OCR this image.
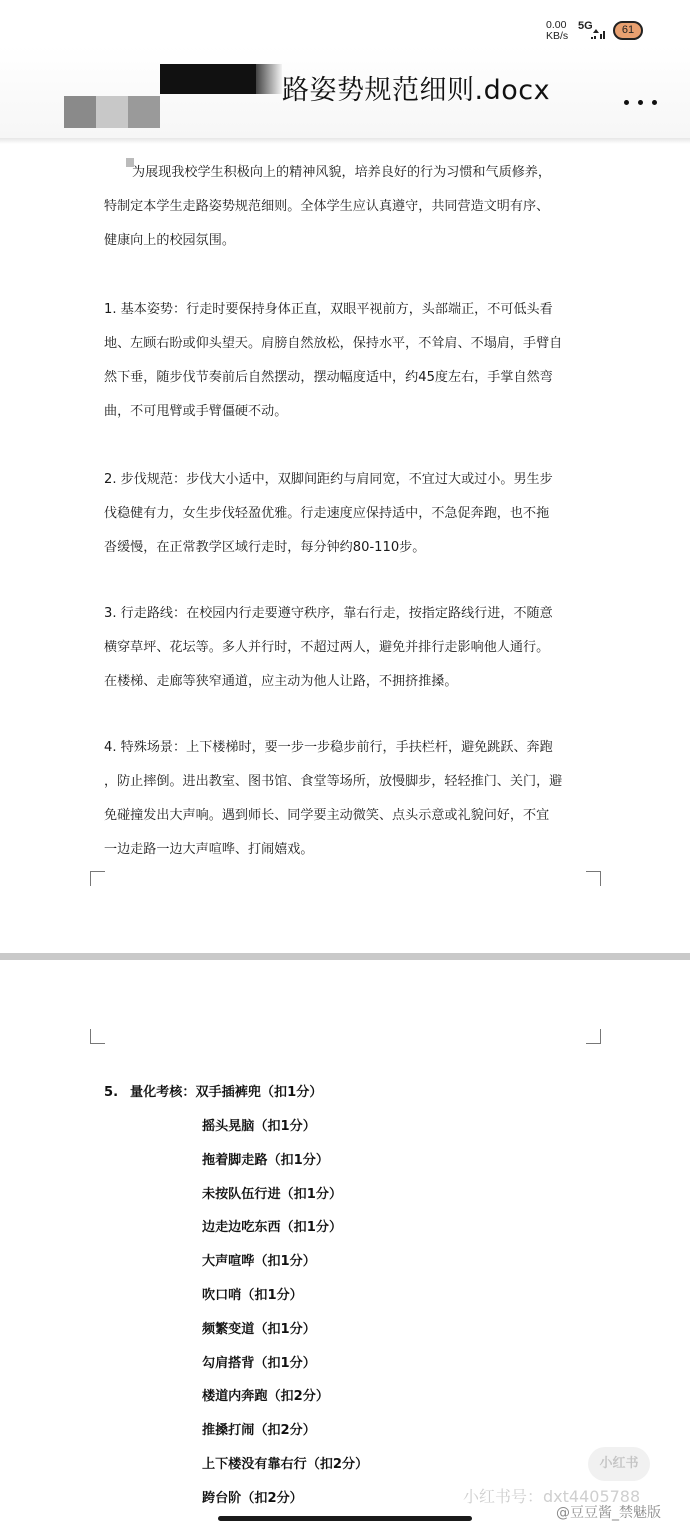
0.00
KB/s
5G	61
路姿势规范细则.docx
为展现我校学生积极向上的精神风貌，培养良好的行为习惯和气质修养，
特制定本学生走路姿势规范细则。全体学生应认真遵守，共同营造文明有序、
健康向上的校园氛围。
1. 基本姿势：行走时要保持身体正直，双眼平视前方，头部端正，不可低头看
地、左顾右盼或仰头望天。肩膀自然放松，保持水平，不耸肩、不塌肩，手臂自
然下垂，随步伐节奏前后自然摆动，摆动幅度适中，约45度左右，手掌自然弯
曲，不可甩臂或手臂僵硬不动。
2. 步伐规范：步伐大小适中，双脚间距约与肩同宽，不宜过大或过小。男生步
伐稳健有力，女生步伐轻盈优雅。行走速度应保持适中，不急促奔跑，也不拖
沓缓慢，在正常教学区域行走时，每分钟约80-110步。
3. 行走路线：在校园内行走要遵守秩序，靠右行走，按指定路线行进，不随意
横穿草坪、花坛等。多人并行时，不超过两人，避免并排行走影响他人通行。
在楼梯、走廊等狭窄通道，应主动为他人让路，不拥挤推搡。
4. 特殊场景：上下楼梯时，要一步一步稳步前行，手扶栏杆，避免跳跃、奔跑
，防止摔倒。进出教室、图书馆、食堂等场所，放慢脚步，轻轻推门、关门，避
免碰撞发出大声响。遇到师长、同学要主动微笑、点头示意或礼貌问好，不宜
一边走路一边大声喧哗、打闹嬉戏。
5. 量化考核：双手插裤兜（扣1分）
摇头晃脑（扣1分）
拖着脚走路（扣1分）
未按队伍行进（扣1分）
边走边吃东西（扣1分）
大声喧哗（扣1分）
吹口哨（扣1分）
频繁变道（扣1分）
勾肩搭背（扣1分）
楼道内奔跑（扣2分）
推搡打闹（扣2分）
上下楼没有靠右行（扣2分）
跨台阶（扣2分）
小红书
小红书号：dxt4405788
@豆豆酱_禁魅版
